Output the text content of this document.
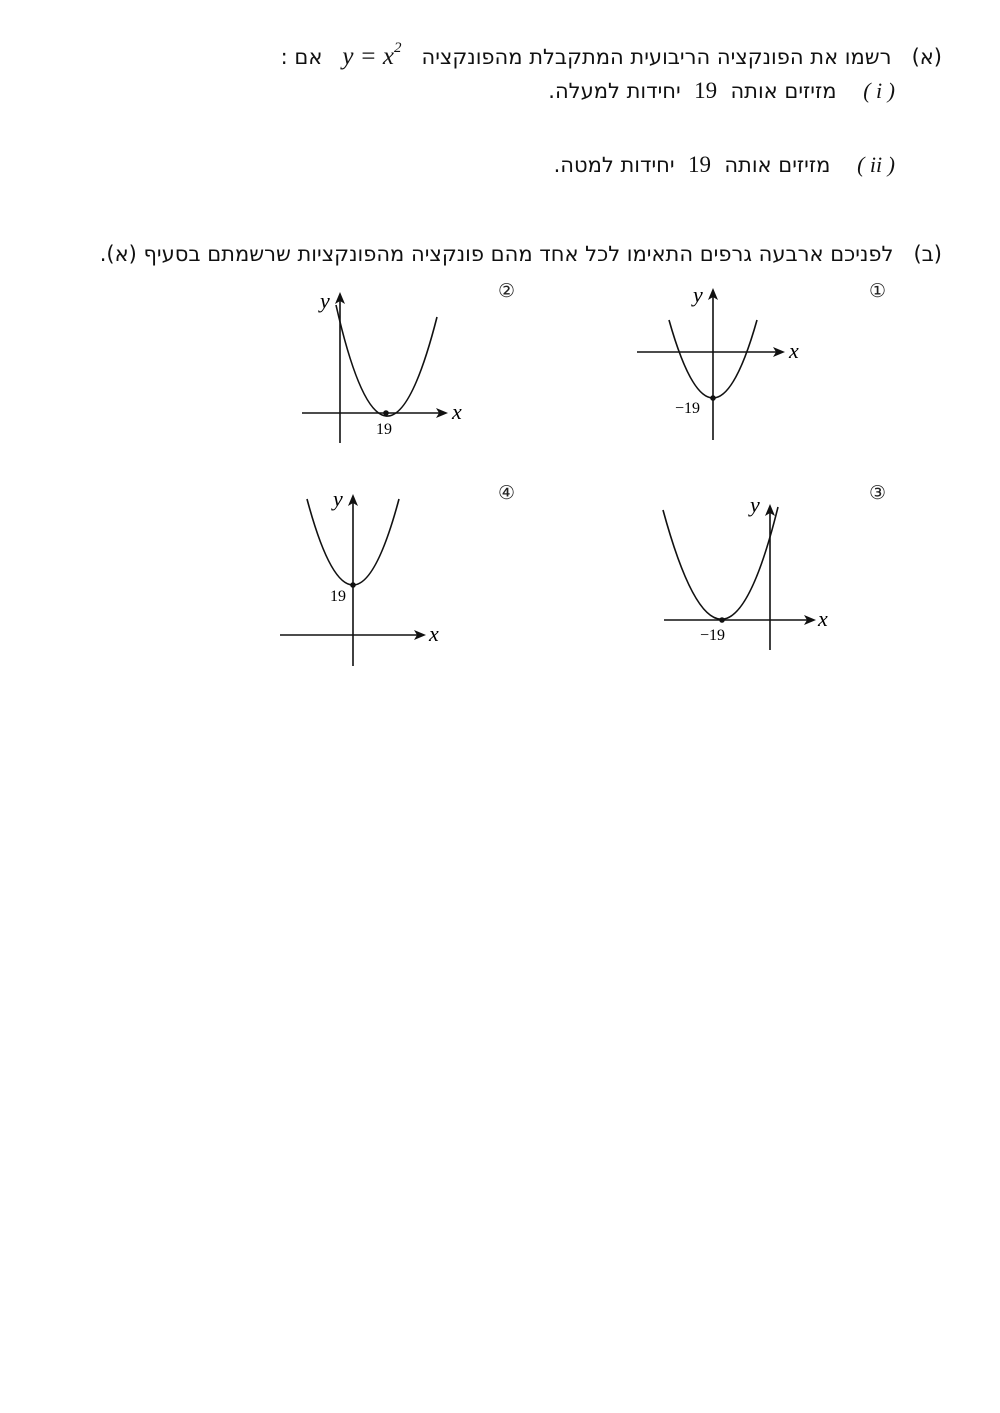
(א)   רשמו את הפונקציה הריבועית המתקבלת מהפונקציה   $y = x^2$   אם :
( i )    מזיזים אותה  19  יחידות למעלה.
( ii )    מזיזים אותה  19  יחידות למטה.
(ב)   לפניכם ארבעה גרפים התאימו לכל אחד מהם פונקציה מהפונקציות שרשמתם בסעיף (א).
①
②
③
④
x
y
−19
x
y
19
x
y
−19
x
y
19
